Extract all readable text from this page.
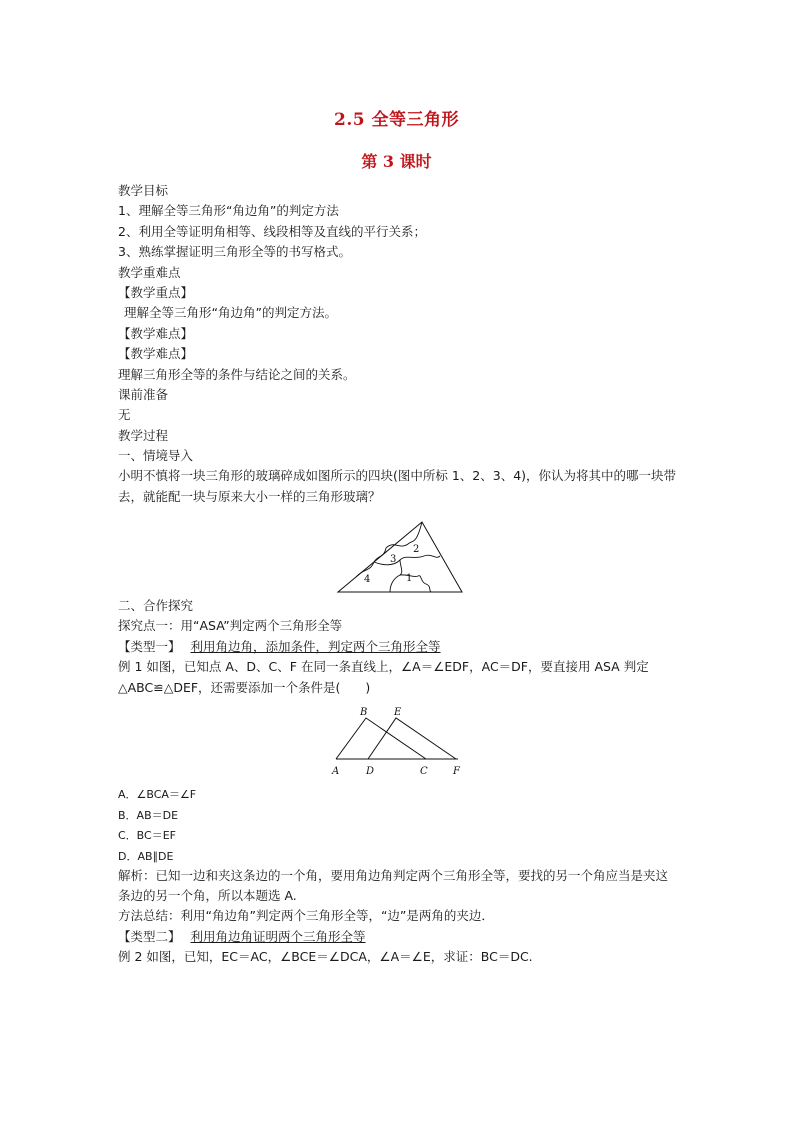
2.5 全等三角形
第 3 课时
教学目标
1、理解全等三角形“角边角”的判定方法
2、利用全等证明角相等、线段相等及直线的平行关系；
3、熟练掌握证明三角形全等的书写格式。
教学重难点
【教学重点】
理解全等三角形“角边角”的判定方法。
【教学难点】
【教学难点】
理解三角形全等的条件与结论之间的关系。
课前准备
无
教学过程
一、情境导入
小明不慎将一块三角形的玻璃碎成如图所示的四块(图中所标 1、2、3、4)，你认为将其中的哪一块带去，就能配一块与原来大小一样的三角形玻璃？
1
2
3
4
二、合作探究
探究点一：用“ASA”判定两个三角形全等
【类型一】 利用角边角，添加条件，判定两个三角形全等
例 1 如图，已知点 A、D、C、F 在同一条直线上，∠A＝∠EDF，AC＝DF，要直接用 ASA 判定
△ABC≌△DEF，还需要添加一个条件是(　　)
B	E
A	D	C	F
A．∠BCA＝∠F
B．AB＝DE
C．BC＝EF
D．AB∥DE
解析：已知一边和夹这条边的一个角，要用角边角判定两个三角形全等，要找的另一个角应当是夹这条边的另一个角，所以本题选 A.
方法总结：利用“角边角”判定两个三角形全等，“边”是两角的夹边．
【类型二】 利用角边角证明两个三角形全等
例 2 如图，已知，EC＝AC，∠BCE＝∠DCA，∠A＝∠E，求证：BC＝DC.
